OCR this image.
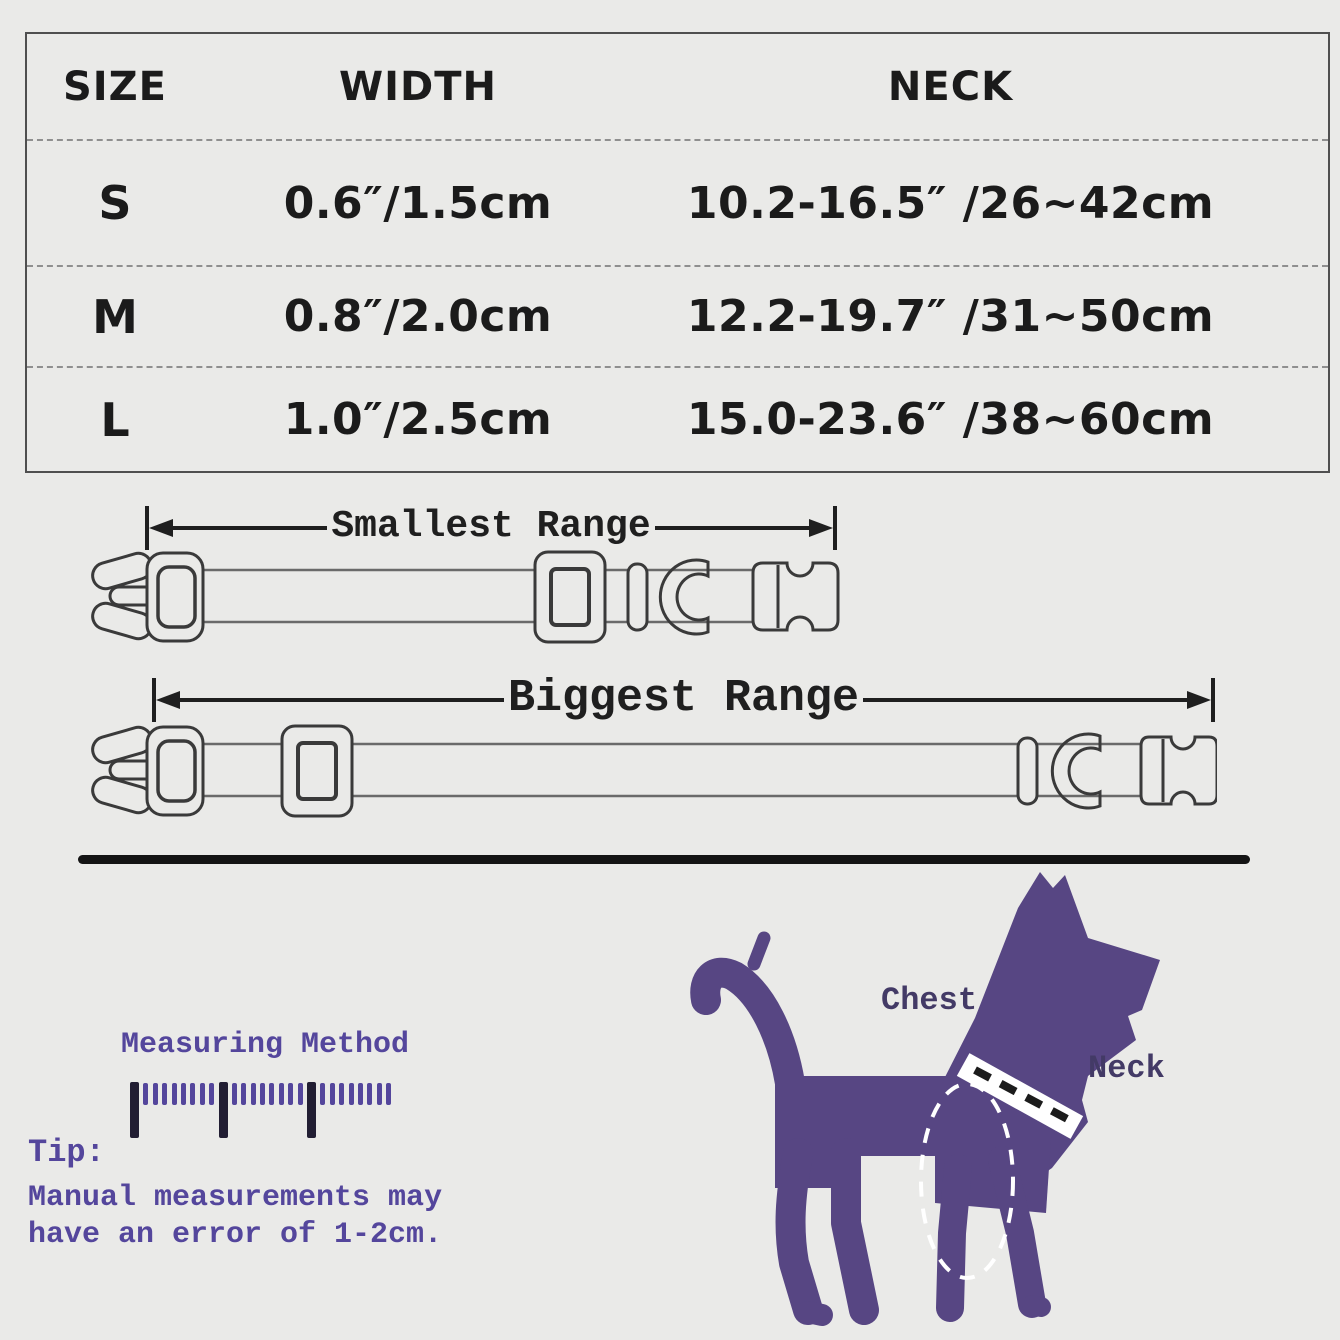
SIZE	WIDTH	NECK
S	0.6″/1.5cm	10.2-16.5″ /26~42cm
M	0.8″/2.0cm	12.2-19.7″ /31~50cm
L	1.0″/2.5cm	15.0-23.6″ /38~60cm
Smallest Range
Biggest Range
Chest
Neck
Measuring Method
Tip:
Manual measurements may
have an error of 1-2cm.
